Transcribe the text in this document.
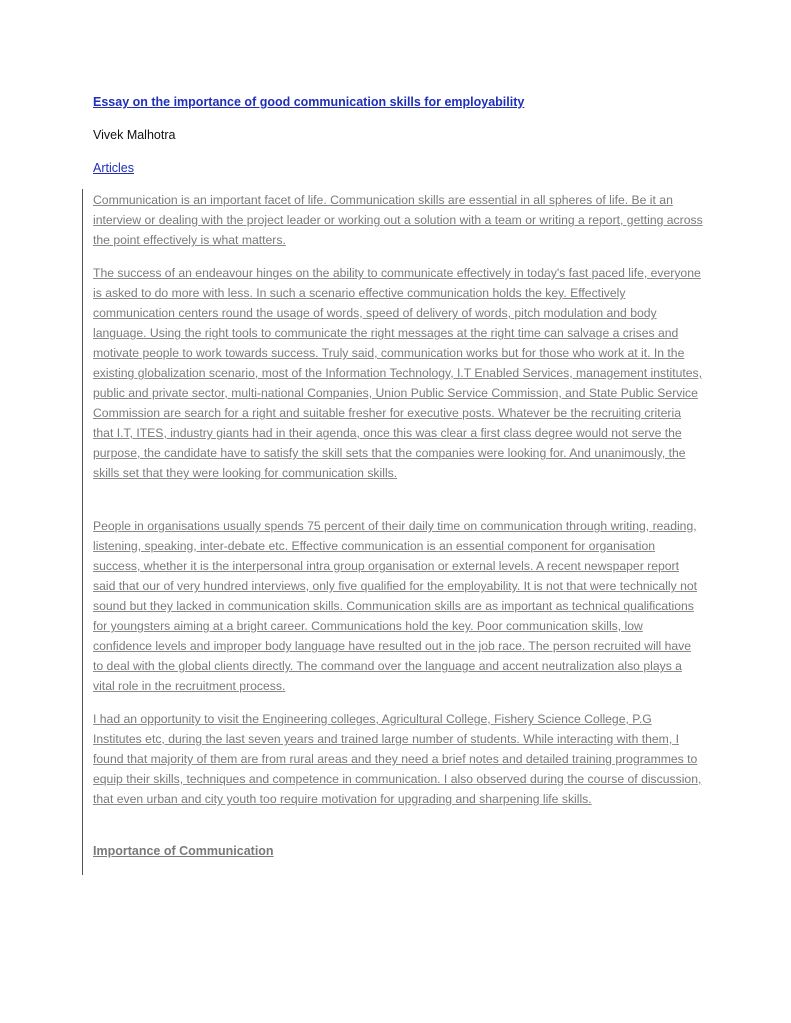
Essay on the importance of good communication skills for employability
Vivek Malhotra
Articles

Communication is an important facet of life. Communication skills are essential in all spheres of life. Be it an interview or dealing with the project leader or working out a solution with a team or writing a report, getting across the point effectively is what matters.

The success of an endeavour hinges on the ability to communicate effectively in today's fast paced life, everyone is asked to do more with less. In such a scenario effective communication holds the key. Effectively communication centers round the usage of words, speed of delivery of words, pitch modulation and body language. Using the right tools to communicate the right messages at the right time can salvage a crises and motivate people to work towards success. Truly said, communication works but for those who work at it. In the existing globalization scenario, most of the Information Technology, I.T Enabled Services, management institutes, public and private sector, multi-national Companies, Union Public Service Commission, and State Public Service Commission are search for a right and suitable fresher for executive posts. Whatever be the recruiting criteria that I.T, ITES, industry giants had in their agenda, once this was clear a first class degree would not serve the purpose, the candidate have to satisfy the skill sets that the companies were looking for. And unanimously, the skills set that they were looking for communication skills.

People in organisations usually spends 75 percent of their daily time on communication through writing, reading, listening, speaking, inter-debate etc. Effective communication is an essential component for organisation success, whether it is the interpersonal intra group organisation or external levels. A recent newspaper report said that our of very hundred interviews, only five qualified for the employability. It is not that were technically not sound but they lacked in communication skills. Communication skills are as important as technical qualifications for youngsters aiming at a bright career. Communications hold the key. Poor communication skills, low confidence levels and improper body language have resulted out in the job race. The person recruited will have to deal with the global clients directly. The command over the language and accent neutralization also plays a vital role in the recruitment process.

I had an opportunity to visit the Engineering colleges, Agricultural College, Fishery Science College, P.G Institutes etc, during the last seven years and trained large number of students. While interacting with them, I found that majority of them are from rural areas and they need a brief notes and detailed training programmes to equip their skills, techniques and competence in communication. I also observed during the course of discussion, that even urban and city youth too require motivation for upgrading and sharpening life skills.

Importance of Communication
